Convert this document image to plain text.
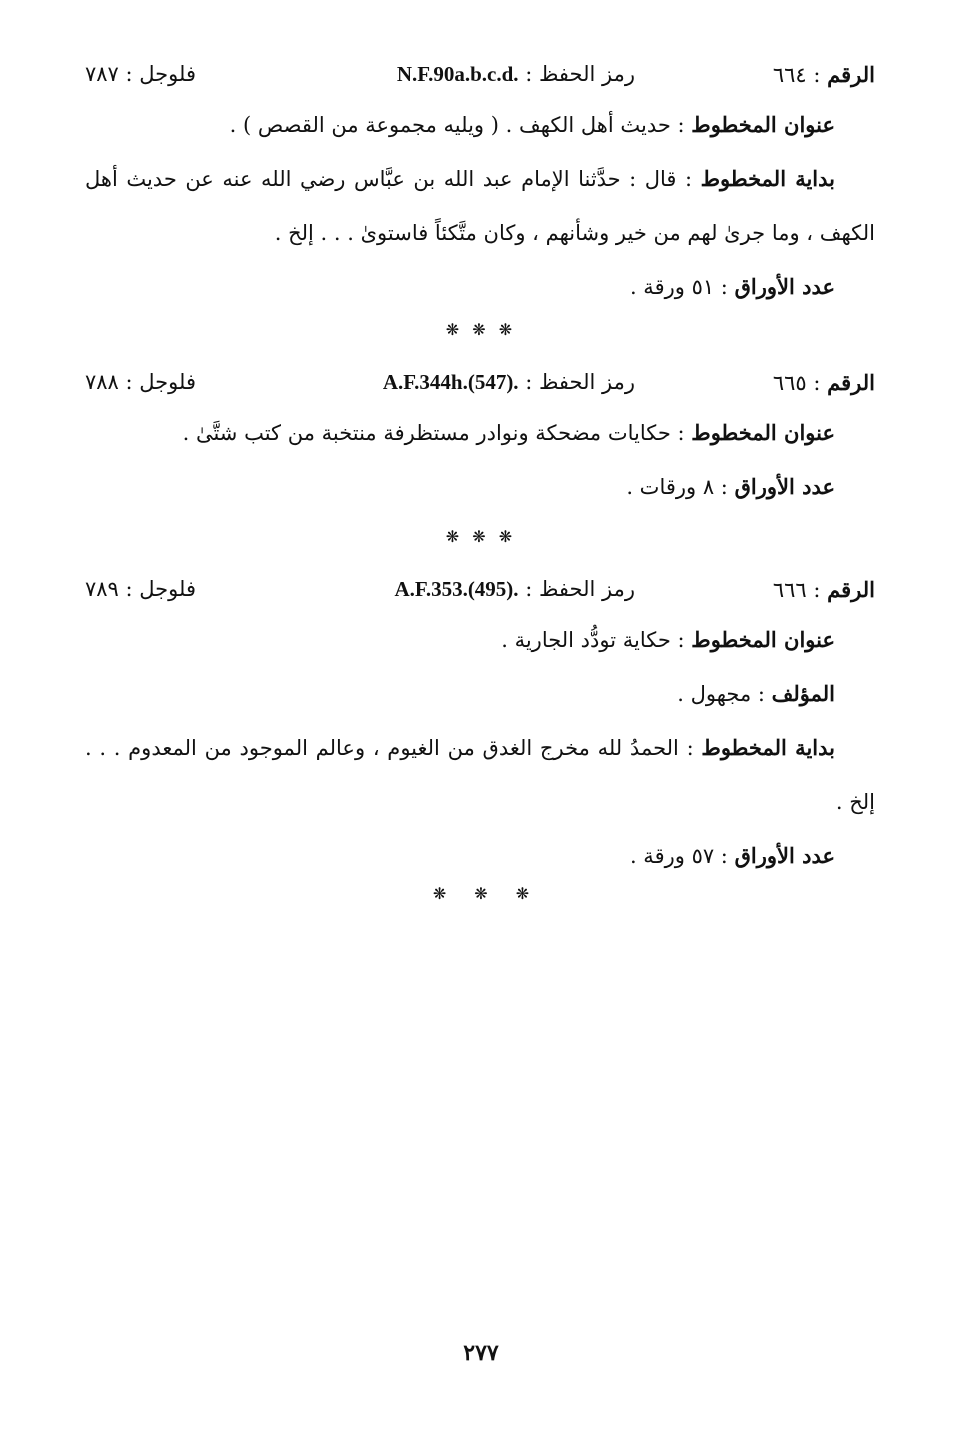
الرقم : ٦٦٤
رمز الحفظ : N.F.90a.b.c.d.
فلوجل : ٧٨٧
عنوان المخطوط : حديث أهل الكهف . ( ويليه مجموعة من القصص ) .
بداية المخطوط : قال : حدَّثنا الإمام عبد الله بن عبَّاس رضي الله عنه عن حديث أهل الكهف ، وما جرىٰ لهم من خير وشأنهم ، وكان متَّكئاً فاستوىٰ . . . إلخ .
عدد الأوراق : ٥١ ورقة .
❋ ❋ ❋
الرقم : ٦٦٥
رمز الحفظ : A.F.344h.(547).
فلوجل : ٧٨٨
عنوان المخطوط : حكايات مضحكة ونوادر مستظرفة منتخبة من كتب شتَّىٰ .
عدد الأوراق : ٨ ورقات .
❋ ❋ ❋
الرقم : ٦٦٦
رمز الحفظ : A.F.353.(495).
فلوجل : ٧٨٩
عنوان المخطوط : حكاية تودُّد الجارية .
المؤلف : مجهول .
بداية المخطوط : الحمدُ لله مخرج الغدق من الغيوم ، وعالم الموجود من المعدوم . . . إلخ .
عدد الأوراق : ٥٧ ورقة .
❋❋❋
٢٧٧
